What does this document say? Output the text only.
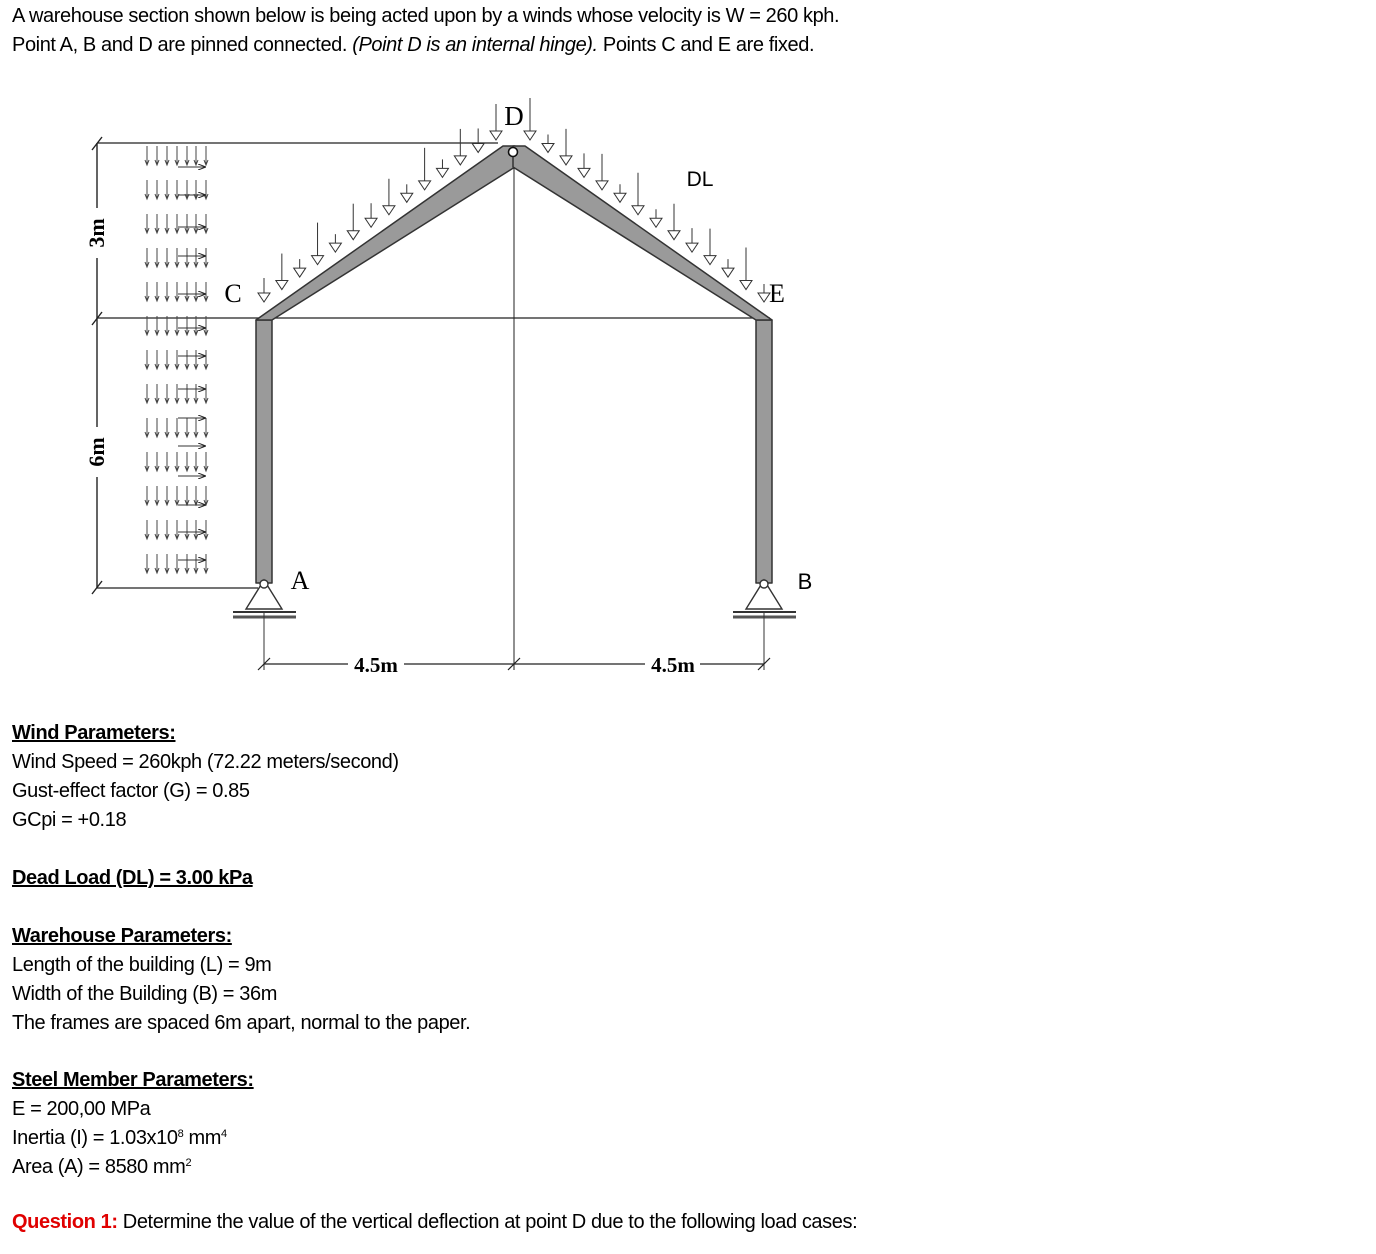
A warehouse section shown below is being acted upon by a winds whose velocity is W = 260 kph.
Point A, B and D are pinned connected. (Point D is an internal hinge). Points C and E are fixed.
3m
6m
4.5m	4.5m
D
C	E
A	B
DL
Wind Parameters:
Wind Speed = 260kph (72.22 meters/second)
Gust-effect factor (G) = 0.85
GCpi = +0.18
Dead Load (DL) = 3.00 kPa
Warehouse Parameters:
Length of the building (L) = 9m
Width of the Building (B) = 36m
The frames are spaced 6m apart, normal to the paper.
Steel Member Parameters:
E = 200,00 MPa
Inertia $(I) = 1.03x10^8$ $mm^4$
Area (A) = 8580 $mm^2$
Question 1: Determine the value of the vertical deflection at point D due to the following load cases:
